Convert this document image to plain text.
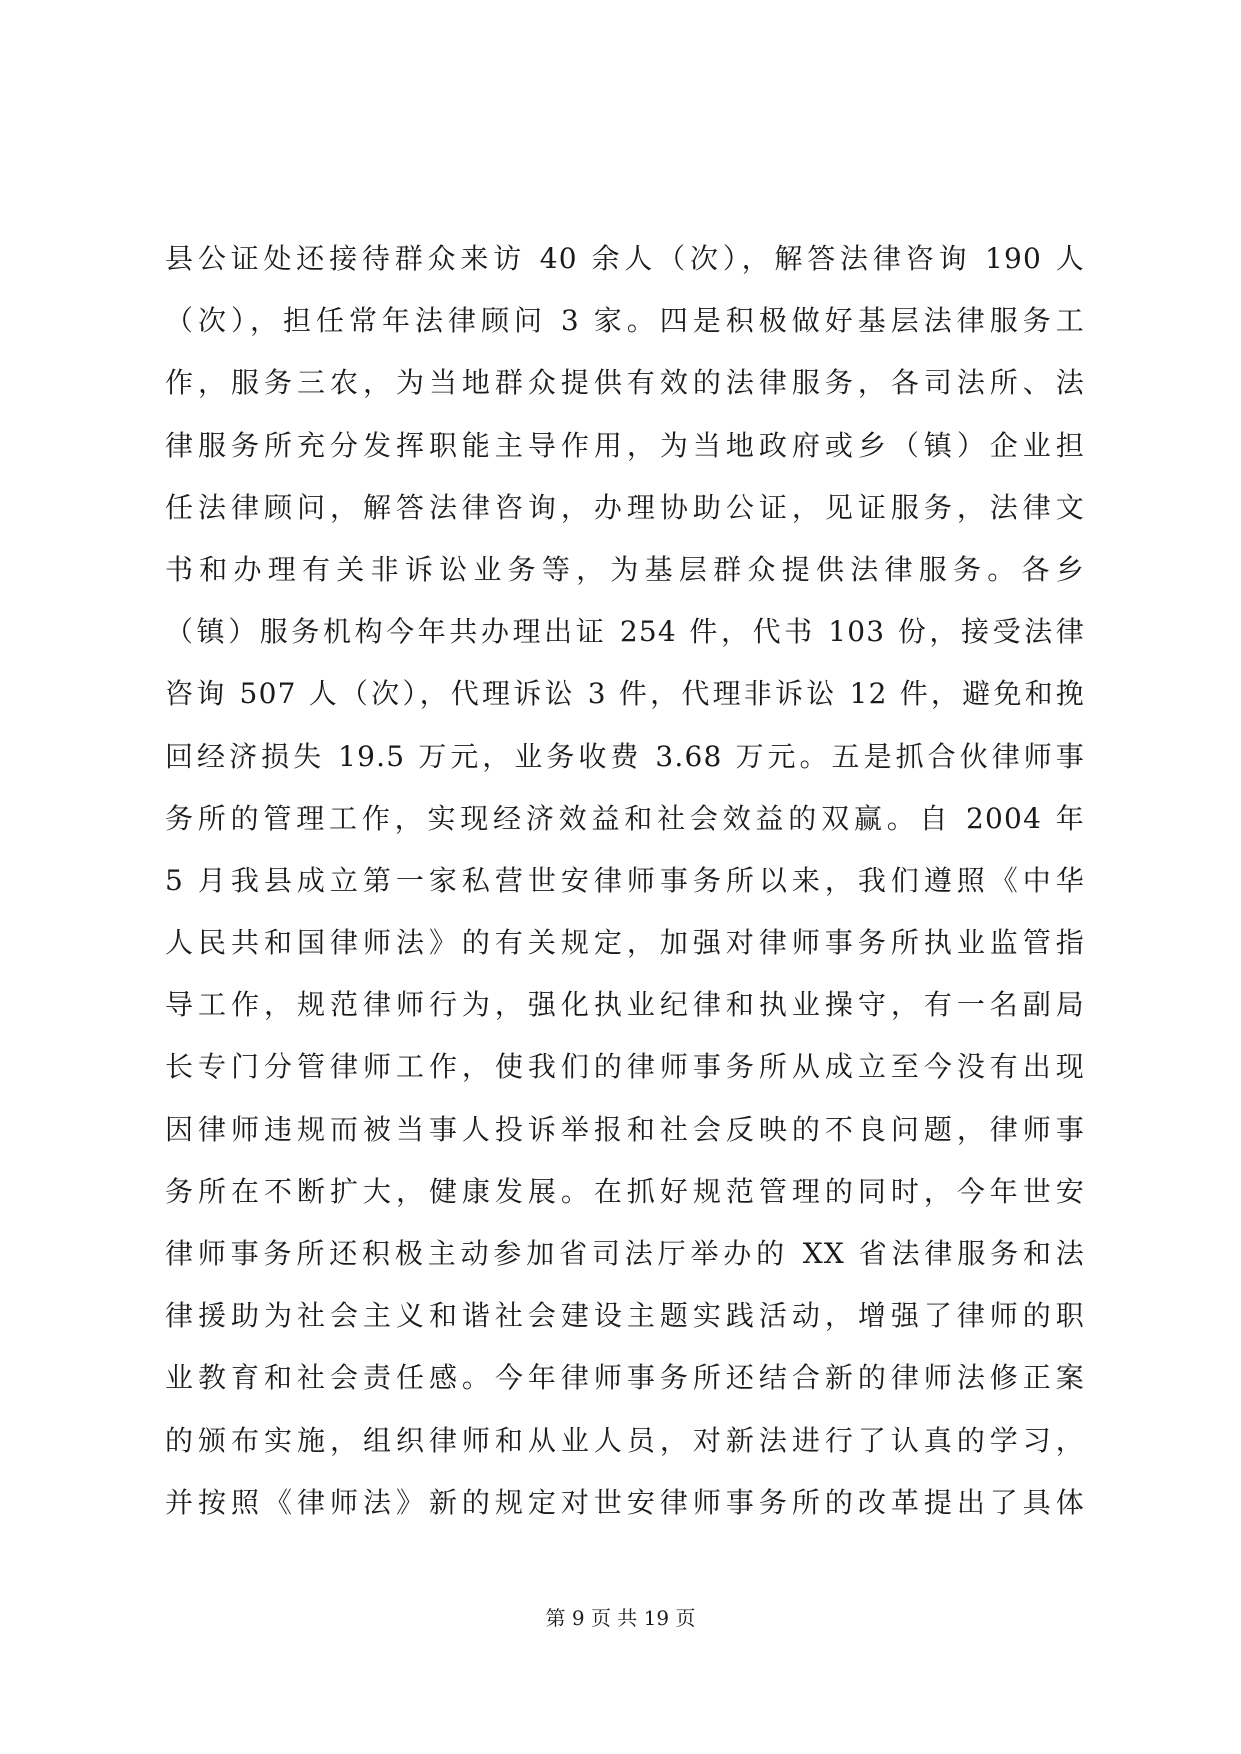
县公证处还接待群众来访 40 余人（次），解答法律咨询 190 人
（次），担任常年法律顾问 3 家。四是积极做好基层法律服务工
作，服务三农，为当地群众提供有效的法律服务，各司法所、法
律服务所充分发挥职能主导作用，为当地政府或乡（镇）企业担
任法律顾问，解答法律咨询，办理协助公证，见证服务，法律文
书和办理有关非诉讼业务等，为基层群众提供法律服务。各乡
（镇）服务机构今年共办理出证 254 件，代书 103 份，接受法律
咨询 507 人（次），代理诉讼 3 件，代理非诉讼 12 件，避免和挽
回经济损失 19.5 万元，业务收费 3.68 万元。五是抓合伙律师事
务所的管理工作，实现经济效益和社会效益的双赢。自 2004 年
5 月我县成立第一家私营世安律师事务所以来，我们遵照《中华
人民共和国律师法》的有关规定，加强对律师事务所执业监管指
导工作，规范律师行为，强化执业纪律和执业操守，有一名副局
长专门分管律师工作，使我们的律师事务所从成立至今没有出现
因律师违规而被当事人投诉举报和社会反映的不良问题，律师事
务所在不断扩大，健康发展。在抓好规范管理的同时，今年世安
律师事务所还积极主动参加省司法厅举办的 XX 省法律服务和法
律援助为社会主义和谐社会建设主题实践活动，增强了律师的职
业教育和社会责任感。今年律师事务所还结合新的律师法修正案
的颁布实施，组织律师和从业人员，对新法进行了认真的学习，
并按照《律师法》新的规定对世安律师事务所的改革提出了具体
第 9 页 共 19 页
